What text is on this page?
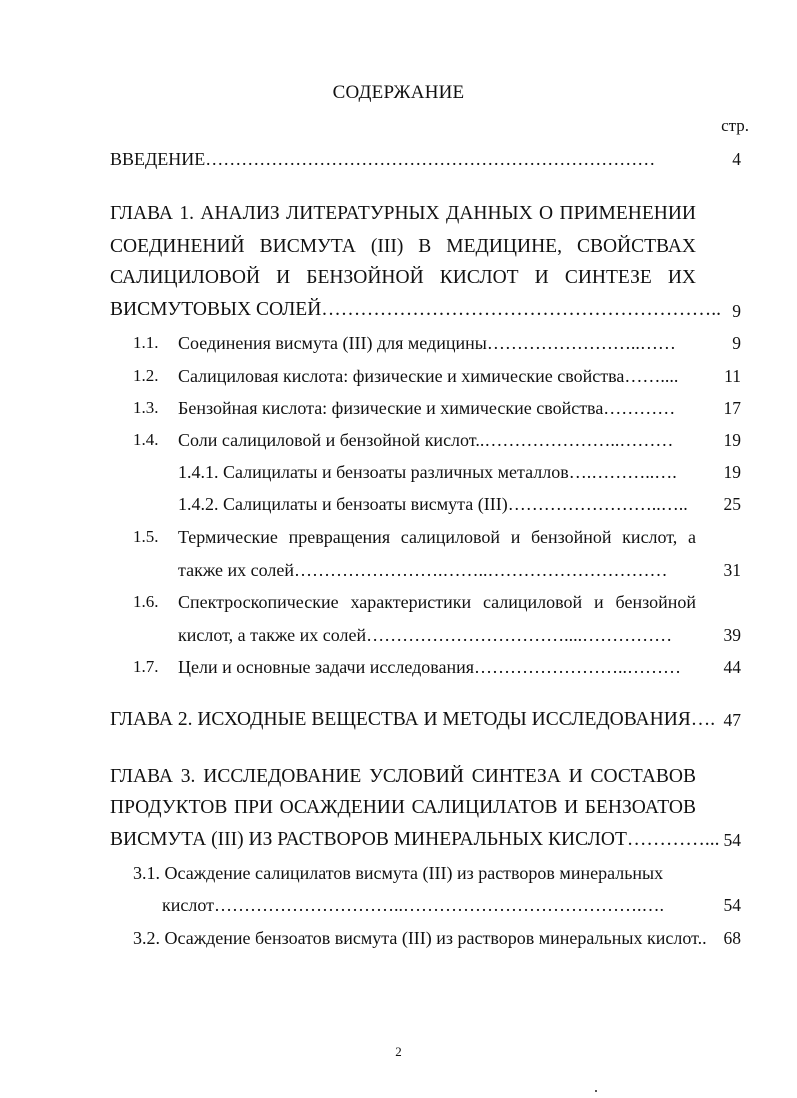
СОДЕРЖАНИЕ
стр.
ВВЕДЕНИЕ…………………………………………………………………	4
ГЛАВА 1. АНАЛИЗ ЛИТЕРАТУРНЫХ ДАННЫХ О ПРИМЕНЕНИИ
СОЕДИНЕНИЙ ВИСМУТА (III) В МЕДИЦИНЕ, СВОЙСТВАХ
САЛИЦИЛОВОЙ И БЕНЗОЙНОЙ КИСЛОТ И СИНТЕЗЕ ИХ
ВИСМУТОВЫХ СОЛЕЙ…………………………………………………….. 9
1.1. Соединения висмута (III) для медицины……………………..……	9
1.2. Салициловая кислота: физические и химические свойства……....	11
1.3. Бензойная кислота: физические и химические свойства…………	17
1.4. Соли салициловой и бензойной кислот..…………………..………	19
1.4.1. Салицилаты и бензоаты различных металлов….………..….	19
1.4.2. Салицилаты и бензоаты висмута (III)……………………..….. 25
1.5. Термические превращения салициловой и бензойной кислот, а
также их солей…………………….……..…………………………	31
1.6. Спектроскопические характеристики салициловой и бензойной
кислот, а также их солей……………………………....……………	39
1.7. Цели и основные задачи исследования……………………..……… 44
ГЛАВА 2. ИСХОДНЫЕ ВЕЩЕСТВА И МЕТОДЫ ИССЛЕДОВАНИЯ…. 47
ГЛАВА 3. ИССЛЕДОВАНИЕ УСЛОВИЙ СИНТЕЗА И СОСТАВОВ
ПРОДУКТОВ ПРИ ОСАЖДЕНИИ САЛИЦИЛАТОВ И БЕНЗОАТОВ
ВИСМУТА (III) ИЗ РАСТВОРОВ МИНЕРАЛЬНЫХ КИСЛОТ…………... 54
3.1. Осаждение салицилатов висмута (III) из растворов минеральных
кислот…………………………..………………………………….….	54
3.2. Осаждение бензоатов висмута (III) из растворов минеральных кислот.. 68
2
